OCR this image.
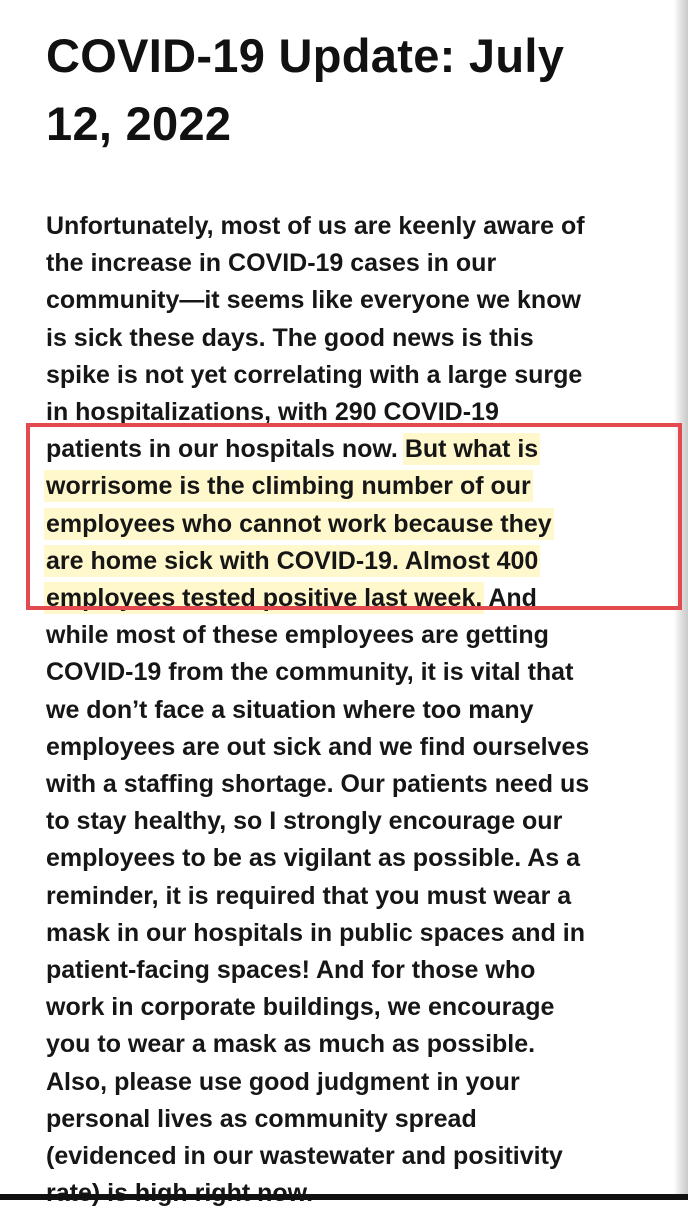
COVID-19 Update: July
12, 2022
Unfortunately, most of us are keenly aware of
the increase in COVID-19 cases in our
community—it seems like everyone we know
is sick these days. The good news is this
spike is not yet correlating with a large surge
in hospitalizations, with 290 COVID-19
patients in our hospitals now. But what is
worrisome is the climbing number of our
employees who cannot work because they
are home sick with COVID-19. Almost 400
employees tested positive last week. And
while most of these employees are getting
COVID-19 from the community, it is vital that
we don’t face a situation where too many
employees are out sick and we find ourselves
with a staffing shortage. Our patients need us
to stay healthy, so I strongly encourage our
employees to be as vigilant as possible. As a
reminder, it is required that you must wear a
mask in our hospitals in public spaces and in
patient-facing spaces! And for those who
work in corporate buildings, we encourage
you to wear a mask as much as possible.
Also, please use good judgment in your
personal lives as community spread
(evidenced in our wastewater and positivity
